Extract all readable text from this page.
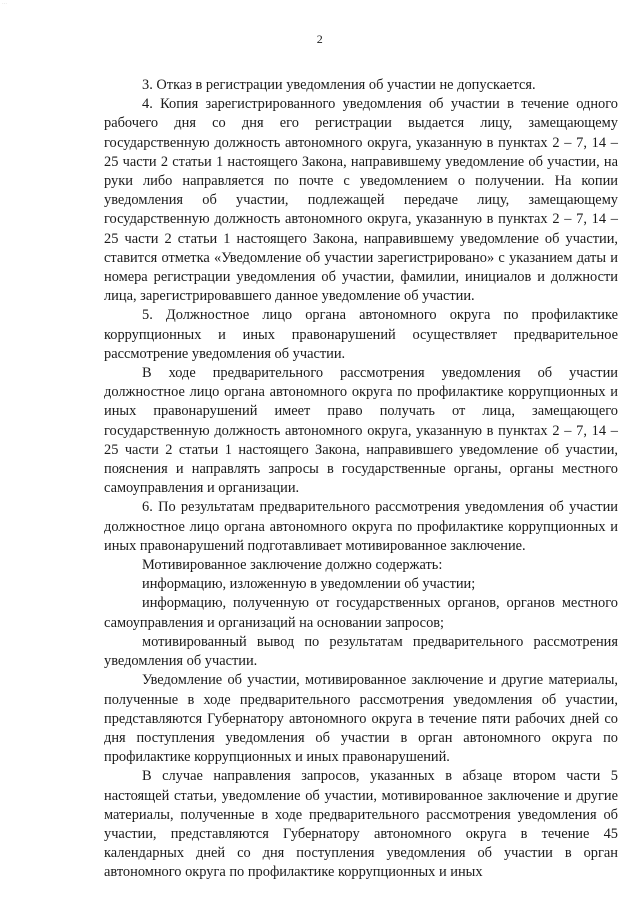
…
2

3. Отказ в регистрации уведомления об участии не допускается.

4. Копия зарегистрированного уведомления об участии в течение одного рабочего дня со дня его регистрации выдается лицу, замещающему государственную должность автономного округа, указанную в пунктах 2 – 7, 14 – 25 части 2 статьи 1 настоящего Закона, направившему уведомление об участии, на руки либо направляется по почте с уведомлением о получении. На копии уведомления об участии, подлежащей передаче лицу, замещающему государственную должность автономного округа, указанную в пунктах 2 – 7, 14 – 25 части 2 статьи 1 настоящего Закона, направившему уведомление об участии, ставится отметка «Уведомление об участии зарегистрировано» с указанием даты и номера регистрации уведомления об участии, фамилии, инициалов и должности лица, зарегистрировавшего данное уведомление об участии.

5. Должностное лицо органа автономного округа по профилактике коррупционных и иных правонарушений осуществляет предварительное рассмотрение уведомления об участии.

В ходе предварительного рассмотрения уведомления об участии должностное лицо органа автономного округа по профилактике коррупционных и иных правонарушений имеет право получать от лица, замещающего государственную должность автономного округа, указанную в пунктах 2 – 7, 14 – 25 части 2 статьи 1 настоящего Закона, направившего уведомление об участии, пояснения и направлять запросы в государственные органы, органы местного самоуправления и организации.

6. По результатам предварительного рассмотрения уведомления об участии должностное лицо органа автономного округа по профилактике коррупционных и иных правонарушений подготавливает мотивированное заключение.

Мотивированное заключение должно содержать:

информацию, изложенную в уведомлении об участии;

информацию, полученную от государственных органов, органов местного самоуправления и организаций на основании запросов;

мотивированный вывод по результатам предварительного рассмотрения уведомления об участии.

Уведомление об участии, мотивированное заключение и другие материалы, полученные в ходе предварительного рассмотрения уведомления об участии, представляются Губернатору автономного округа в течение пяти рабочих дней со дня поступления уведомления об участии в орган автономного округа по профилактике коррупционных и иных правонарушений.

В случае направления запросов, указанных в абзаце втором части 5 настоящей статьи, уведомление об участии, мотивированное заключение и другие материалы, полученные в ходе предварительного рассмотрения уведомления об участии, представляются Губернатору автономного округа в течение 45 календарных дней со дня поступления уведомления об участии в орган автономного округа по профилактике коррупционных и иных
